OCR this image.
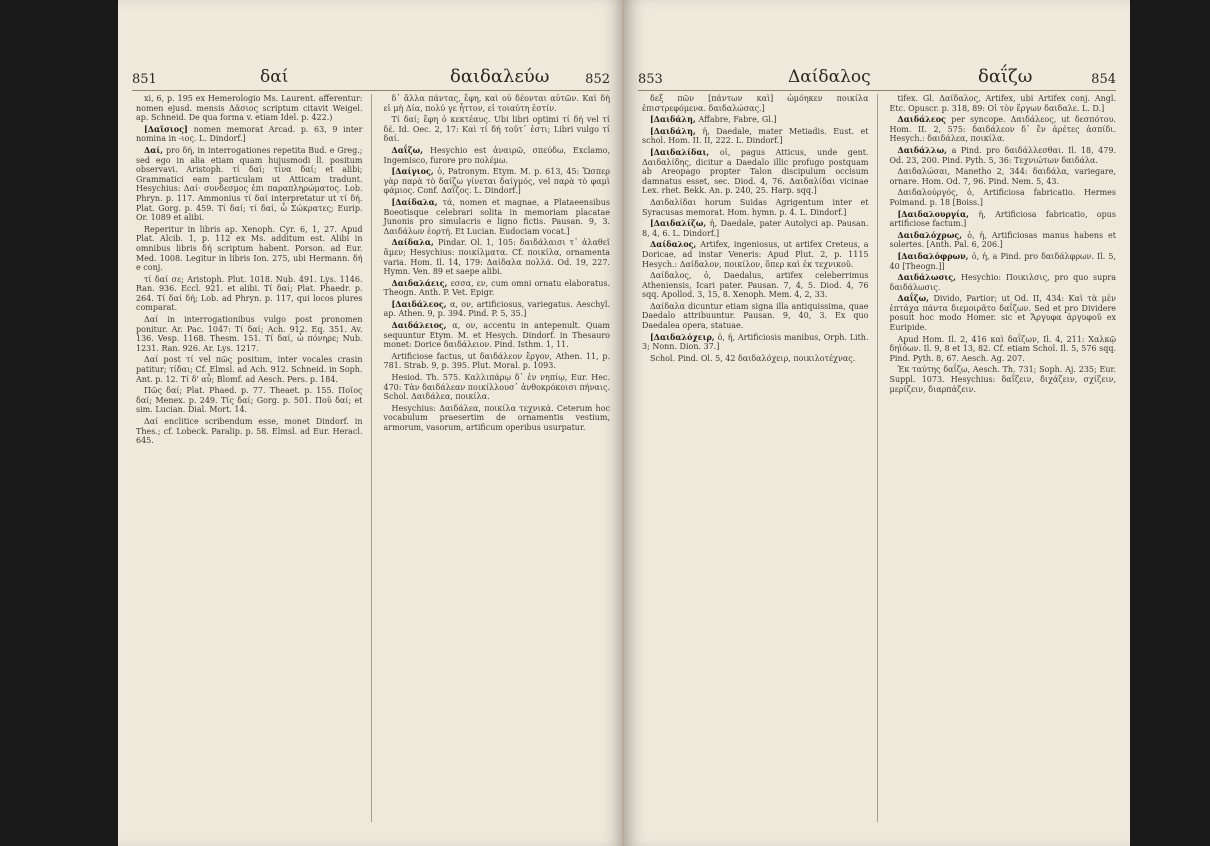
851	δαί	δαιδαλεύω	852

xi, 6, p. 195 ex Hemerologio Ms. Laurent. afferentur: nomen ejusd. mensis Δᾶσιος scriptum citavit Weigel. ap. Schneid. De qua forma v. etiam Idel. p. 422.)

[Δαῖσιος] nomen memorat Arcad. p. 63, 9 inter nomina in -ιος. L. Dindorf.]

Δαί, pro δή, in interrogationes repetita Bud. e Greg.; sed ego in alia etiam quam hujusmodi ll. positum observavi. Aristoph. τί δαί; τίνα δαί; et alibi; Grammatici eam particulam ut Atticam tradunt. Hesychius: Δαί· συνδεσμος ἐπι παραπληρώματος. Lob. Phryn. p. 117. Ammonius τί δαί interpretatur ut τί δή. Plat. Gorg. p. 459. Τί δαί; τί δαί, ὦ Σώκρατες; Eurip. Or. 1089 et alibi.

Reperitur in libris ap. Xenoph. Cyr. 6, 1, 27. Apud Plat. Alcib. 1, p. 112 ex Ms. additum est. Alibi in omnibus libris δή scriptum habent. Porson. ad Eur. Med. 1008. Legitur in libris Ion. 275, ubi Hermann. δή e conj.

τί δαί σε; Aristoph. Plut. 1018. Nub. 491. Lys. 1146. Ran. 936. Eccl. 921. et alibi. Τί δαί; Plat. Phaedr. p. 264. Τί δαί δή; Lob. ad Phryn. p. 117, qui locos plures comparat.

Δαί in interrogationibus vulgo post pronomen ponitur. Ar. Pac. 1047: Τί δαί; Ach. 912. Eq. 351. Av. 136. Vesp. 1168. Thesm. 151. Τί δαί, ὦ πόνηρε; Nub. 1231. Ran. 926. Ar. Lys. 1217.

Δαί post τί vel πῶς positum, inter vocales crasin patitur; τίδαι; Cf. Elmsl. ad Ach. 912. Schneid. in Soph. Ant. p. 12. Τί δ' αὖ; Blomf. ad Aesch. Pers. p. 184.

Πῶς δαί; Plat. Phaed. p. 77. Theaet. p. 155. Ποῖος δαί; Menex. p. 249. Τίς δαί; Gorg. p. 501. Ποῦ δαί; et sim. Lucian. Dial. Mort. 14.

Δαί enclitice scribendum esse, monet Dindorf. in Thes.; cf. Lobeck. Paralip. p. 58. Elmsl. ad Eur. Heracl. 645.

δ᾽ ἄλλα πάντας, ἔφη, καὶ οὐ δέονται αὐτῶν. Καὶ δὴ εἰ μὴ Δία, πολύ γε ἧττον, εἰ τοιαύτη ἐστίν.

Τί δαί; ἔφη ὁ κεκτέαυς. Ubi libri optimi τί δή vel τί δέ. Id. Oec. 2, 17: Καὶ τί δή τοῦτ᾽ ἐστι; Libri vulgo τί δαί.

Δαΐζω, Hesychio est ἀναιρῶ, σπεύδω, Exclamo, Ingemisco, furore pro πολέμω.

[Δαίγιος, ὁ, Patronym. Etym. M. p. 613, 45: Ὥσπερ γὰρ παρὰ τὸ δαίζω γίνεται δαίγμός, vel παρὰ τὸ φαμὶ φάμιος. Conf. Δαΐζος. L. Dindorf.]

[Δαίδαλα, τά, nomen et magnae, a Plataeensibus Boeotisque celebrari solita in memoriam placatae Junonis pro simulacris e ligno fictis. Pausan. 9, 3. Δαιδάλων ἑορτή. Et Lucian. Eudociam vocat.]

Δαίδαλα, Pindar. Ol. 1, 105: δαιδάλαισι τ᾽ ἀλαθεῖ ἅμεν; Hesychius: ποικίλματα. Cf. ποικίλα, ornamenta varia. Hom. Il. 14, 179: Δαίδαλα πολλά. Od. 19, 227. Hymn. Ven. 89 et saepe alibi.

Δαιδαλάεις, εσσα, εν, cum omni ornatu elaboratus. Theogn. Anth. P. Vet. Epigr.

[Δαιδάλεος, α, ον, artificiosus, variegatus. Aeschyl. ap. Athen. 9, p. 394. Pind. P. 5, 35.]

Δαιδάλειος, α, ον, accentu in antepenult. Quam sequuntur Etym. M. et Hesych. Dindorf. in Thesauro monet: Dorice δαιδάλειον. Pind. Isthm. 1, 11.

Artificiose factus, ut δαιδάλεον ἔργον, Athen. 11, p. 781. Strab. 9, p. 395. Plut. Moral. p. 1093.

Hesiod. Th. 575. Καλλιπάρῳ δ᾽ ἐν νηπίῳ, Eur. Hec. 470: Τὰν δαιδάλεαν ποικίλλουσ᾽ ἀνθοκρόκοισι πήναις. Schol. Δαιδάλεα, ποικίλα.

Hesychius: Δαιδάλεα, ποικίλα τεχνικά. Ceterum hoc vocabulum praesertim de ornamentis vestium, armorum, vasorum, artificum operibus usurpatur.

853	Δαίδαλος	δαΐζω	854

δεξ πῶν [πάντων καὶ] ὠμόηκεν ποικίλα ἐπιστρεφόμενα. δαιδαλώσας.]

[Δαιδάλη, Affabre, Fabre, Gl.]

[Δαιδάλη, ἡ, Daedale, mater Metiadis. Eust. et schol. Hom. II. II, 222. L. Dindorf.]

[Δαιδαλίδαι, οἱ, pagus Atticus, unde gent. Δαιδαλίδης, dicitur a Daedalo illic profugo postquam ab Areopago propter Talon discipulum occisum damnatus esset, sec. Diod. 4, 76. Δαιδαλίδαι vicinae Lex. rhet. Bekk. An. p. 240, 25. Harp. sqq.]

Δαιδαλίδαι horum Suidas Agrigentum inter et Syracusas memorat. Hom. hymn. p. 4. L. Dindorf.]

[Δαιδαλίζω, ἡ, Daedale, pater Autolyci ap. Pausan. 8, 4, 6. L. Dindorf.]

Δαίδαλος, Artifex, ingeniosus, ut artifex Creteus, a Doricae, ad instar Veneris: Apud Plut. 2, p. 1115 Hesych.: Δαίδαλον, ποικίλον, ὅπερ καὶ ἐκ τεχνικοῦ.

Δαίδαλος, ὁ, Daedalus, artifex celeberrimus Atheniensis, Icari pater. Pausan. 7, 4, 5. Diod. 4, 76 sqq. Apollod. 3, 15, 8. Xenoph. Mem. 4, 2, 33.

Δαίδαλα dicuntur etiam signa illa antiquissima, quae Daedalo attribuuntur. Pausan. 9, 40, 3. Ex quo Daedalea opera, statuae.

[Δαιδαλόχειρ, ὁ, ἡ, Artificiosis manibus, Orph. Lith. 3; Nonn. Dion. 37.]

Schol. Pind. Ol. 5, 42 δαιδαλόχειρ, ποικιλοτέχνας.

tifex. Gl. Δαίδαλος, Artifex, ubi Artifex conj. Angl. Etc. Opuscr. p. 318, 89: Οἱ τὸν ἔργων δαιδαλε. L. D.]

Δαιδάλεος per syncope. Δαιδάλεος, ut δεσπότου. Hom. II. 2, 575: δαιδάλεον δ᾽ ἔν ἀρέτες ἀσπίδι. Hesych.: δαιδάλεα, ποικίλα.

Δαιδάλλω, a Pind. pro δαιδάλλεσθαι. Il. 18, 479. Od. 23, 200. Pind. Pyth. 5, 36: Τεχνιώτων δαιδάλα.

Δαιδαλώσαι, Manetho 2, 344: δαιδάλα, variegare, ornare. Hom. Od. 7, 96. Pind. Nem. 5, 43.

Δαιδαλούργός, ὁ, Artificiosa fabricatio. Hermes Poimand. p. 18 [Boiss.]

[Δαιδαλουργία, ἡ, Artificiosa fabricatio, opus artificiose factum.]

Δαιδαλόχρως, ὁ, ἡ, Artificiosas manus habens et solertes. [Anth. Pal. 6, 206.]

[Δαιδαλόφρων, ὁ, ἡ, a Pind. pro δαιδάλφρων. Il. 5, 40 [Theogn.]]

Δαιδάλωσις, Hesychio: Ποικιλσις, pro quo supra δαιδάλωσις.

Δαΐζω, Divido, Partior; ut Od. II, 434: Καὶ τὰ μὲν ἑπτάχα πάντα διεμοιρᾶτο δαΐζων. Sed et pro Dividere posuit hoc modo Homer. sic et Ἄργυφα ἀργυφοῦ ex Euripide.

Apud Hom. Il. 2, 416 καὶ δαΐζων, Il. 4, 211: Χαλκῷ δηϊόων. Il. 9, 8 et 13, 82. Cf. etiam Schol. Il. 5, 576 sqq. Pind. Pyth. 8, 67. Aesch. Ag. 207.

Ἐκ ταύτης δαΐζω, Aesch. Th. 731; Soph. Aj. 235; Eur. Suppl. 1073. Hesychius: δαΐζειν, διχάζειν, σχίζειν, μερίζειν, διαρπάζειν.
